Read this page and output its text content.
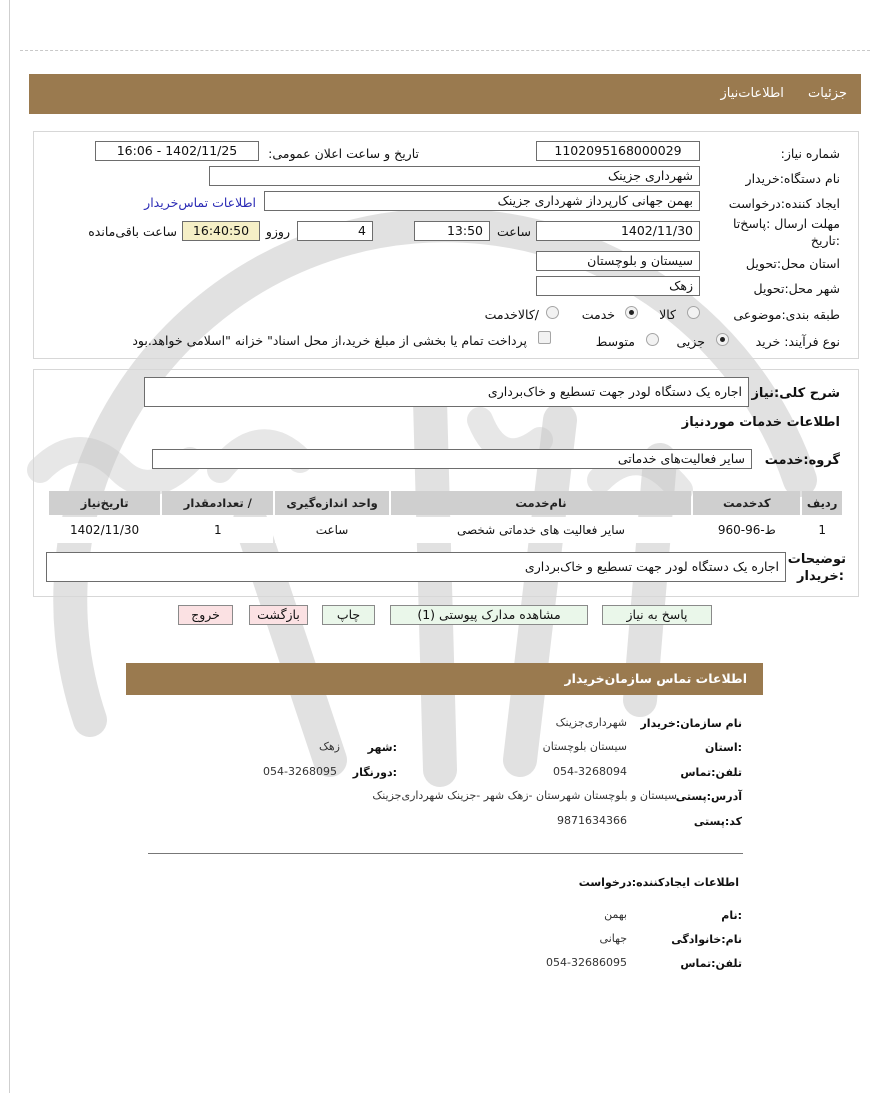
جزئیات اطلاعات‌نیاز
شماره نیاز:
1102095168000029
تاریخ و ساعت اعلان عمومی:
1402/11/25 - 16:06
نام دستگاه:خریدار
شهرداری جزینک
ایجاد کننده:درخواست
بهمن جهانی کارپرداز شهرداری جزینک
اطلاعات تماس‌خریدار
مهلت ارسال :پاسخ‌تا
:تاریخ
1402/11/30
ساعت
13:50
4
روزو
16:40:50
ساعت باقی‌مانده
استان محل:تحویل
سیستان و بلوچستان
شهر محل:تحویل
زهک
طبقه بندی:موضوعی
کالا
خدمت
/کالاخدمت
نوع فرآیند: خرید
جزیی
متوسط
پرداخت تمام یا بخشی از مبلغ خرید،از محل اسناد" خزانه "اسلامی خواهد.بود
شرح کلی:نیاز
اجاره یک دستگاه لودر جهت تسطیع و خاک‌برداری
اطلاعات خدمات موردنیاز
گروه:خدمت
سایر فعالیت‌های خدماتی
ردیف	کدخدمت	نام‌خدمت	واحد اندازه‌گیری	/ تعدادمقدار	تاریخ‌نیاز
1	ط-96-960	سایر فعالیت های خدماتی شخصی	ساعت	1	1402/11/30
توضیحات
:خریدار
اجاره یک دستگاه لودر جهت تسطیع و خاک‌برداری
پاسخ به نیاز
مشاهده مدارک پیوستی (1)
چاپ
بازگشت
خروج
اطلاعات تماس سازمان‌خریدار
نام سازمان:خریدار
شهرداری‌جزینک
:استان
سیستان بلوچستان
:شهر
زهک
تلفن:تماس
054-3268094
:دورنگار
054-3268095
آدرس:پستی
سیستان و بلوچستان شهرستان -زهک شهر -جزینک شهرداری‌جزینک
کد:پستی
9871634366
اطلاعات ایجادکننده:درخواست
:نام
بهمن
نام:خانوادگی
جهانی
تلفن:تماس
054-32686095
